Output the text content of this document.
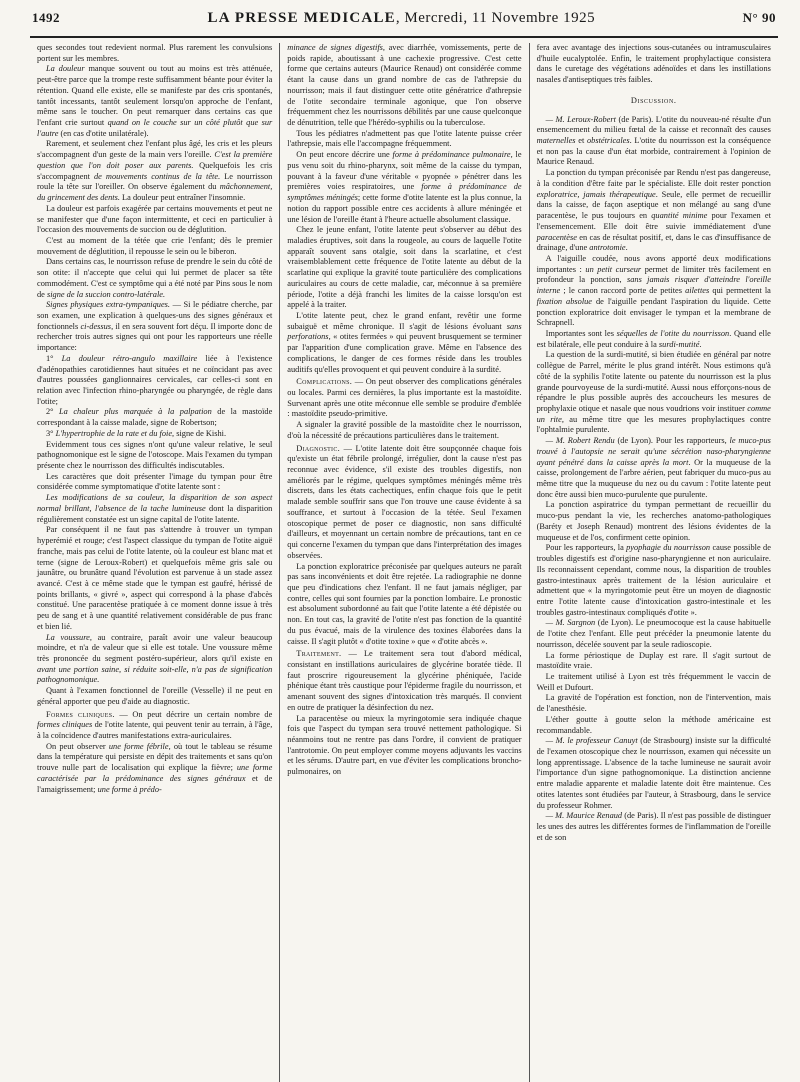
1492	LA PRESSE MEDICALE, Mercredi, 11 Novembre 1925	N° 90

ques secondes tout redevient normal. Plus rarement les convulsions portent sur les membres.

La douleur manque souvent ou tout au moins est très atténuée, peut-être parce que la trompe reste suffisamment béante pour éviter la rétention. Quand elle existe, elle se manifeste par des cris spontanés, tantôt incessants, tantôt seulement lorsqu'on approche de l'enfant, même sans le toucher. On peut remarquer dans certains cas que l'enfant crie surtout quand on le couche sur un côté plutôt que sur l'autre (en cas d'otite unilatérale).

Rarement, et seulement chez l'enfant plus âgé, les cris et les pleurs s'accompagnent d'un geste de la main vers l'oreille. C'est la première question que l'on doit poser aux parents. Quelquefois les cris s'accompagnent de mouvements continus de la tête. Le nourrisson roule la tête sur l'oreiller. On observe également du mâchonnement, du grincement des dents. La douleur peut entraîner l'insomnie.

La douleur est parfois exagérée par certains mouvements et peut ne se manifester que d'une façon intermittente, et ceci en particulier à l'occasion des mouvements de succion ou de déglutition.

C'est au moment de la tétée que crie l'enfant; dès le premier mouvement de déglutition, il repousse le sein ou le biberon.

Dans certains cas, le nourrisson refuse de prendre le sein du côté de son otite: il n'accepte que celui qui lui permet de placer sa tête commodément. C'est ce symptôme qui a été noté par Pins sous le nom de signe de la succion contro-latérale.

Signes physiques extra-tympaniques. — Si le pédiatre cherche, par son examen, une explication à quelques-uns des signes généraux et fonctionnels ci-dessus, il en sera souvent fort déçu. Il importe donc de rechercher trois autres signes qui ont pour les rapporteurs une réelle importance:

1° La douleur rétro-angulo maxillaire liée à l'existence d'adénopathies carotidiennes haut situées et ne coïncidant pas avec d'autres poussées ganglionnaires cervicales, car celles-ci sont en relation avec l'infection rhino-pharyngée ou pharyngée, de règle dans l'otite;

2° La chaleur plus marquée à la palpation de la mastoïde correspondant à la caisse malade, signe de Robertson;

3° L'hypertrophie de la rate et du foie, signe de Kishi.

Evidemment tous ces signes n'ont qu'une valeur relative, le seul pathognomonique est le signe de l'otoscope. Mais l'examen du tympan présente chez le nourrisson des difficultés indiscutables.

Les caractères que doit présenter l'image du tympan pour être considérée comme symptomatique d'otite latente sont :

Les modifications de sa couleur, la disparition de son aspect normal brillant, l'absence de la tache lumineuse dont la disparition régulièrement constatée est un signe capital de l'otite latente.

Par conséquent il ne faut pas s'attendre à trouver un tympan hyperémié et rouge; c'est l'aspect classique du tympan de l'otite aiguë franche, mais pas celui de l'otite latente, où la couleur est blanc mat et terne (signe de Leroux-Robert) et quelquefois même gris sale ou jaunâtre, ou brunâtre quand l'évolution est parvenue à un stade assez avancé. C'est à ce même stade que le tympan est gaufré, hérissé de points brillants, « givré », aspect qui correspond à la phase d'abcès constitué. Une paracentèse pratiquée à ce moment donne issue à très peu de sang et à une quantité relativement considérable de pus franc et bien lié.

La voussure, au contraire, paraît avoir une valeur beaucoup moindre, et n'a de valeur que si elle est totale. Une voussure même très prononcée du segment postéro-supérieur, alors qu'il existe en avant une portion saine, si réduite soit-elle, n'a pas de signification pathognomonique.

Quant à l'examen fonctionnel de l'oreille (Vesselle) il ne peut en général apporter que peu d'aide au diagnostic.

Formes cliniques. — On peut décrire un certain nombre de formes cliniques de l'otite latente, qui peuvent tenir au terrain, à l'âge, à la coïncidence d'autres manifestations extra-auriculaires.

On peut observer une forme fébrile, où tout le tableau se résume dans la température qui persiste en dépit des traitements et sans qu'on trouve nulle part de localisation qui explique la fièvre; une forme caractérisée par la prédominance des signes généraux et de l'amaigrissement; une forme à prédo-

minance de signes digestifs, avec diarrhée, vomissements, perte de poids rapide, aboutissant à une cachexie progressive. C'est cette forme que certains auteurs (Maurice Renaud) ont considérée comme étant la cause dans un grand nombre de cas de l'athrepsie du nourrisson; mais il faut distinguer cette otite génératrice d'athrepsie de l'otite secondaire terminale agonique, que l'on observe fréquemment chez les nourrissons débilités par une cause quelconque de dénutrition, telle que l'hérédo-syphilis ou la tuberculose.

Tous les pédiatres n'admettent pas que l'otite latente puisse créer l'athrepsie, mais elle l'accompagne fréquemment.

On peut encore décrire une forme à prédominance pulmonaire, le pus venu soit du rhino-pharynx, soit même de la caisse du tympan, pouvant à la faveur d'une véritable « pyopnée » pénétrer dans les premières voies respiratoires, une forme à prédominance de symptômes méningés; cette forme d'otite latente est la plus connue, la notion du rapport possible entre ces accidents à allure méningée et une lésion de l'oreille étant à l'heure actuelle absolument classique.

Chez le jeune enfant, l'otite latente peut s'observer au début des maladies éruptives, soit dans la rougeole, au cours de laquelle l'otite apparaît souvent sans otalgie, soit dans la scarlatine, et c'est vraisemblablement cette fréquence de l'otite latente au début de la scarlatine qui explique la gravité toute particulière des complications auriculaires au cours de cette maladie, car, méconnue à sa première période, l'otite a déjà franchi les limites de la caisse lorsqu'on est appelé à la traiter.

L'otite latente peut, chez le grand enfant, revêtir une forme subaiguë et même chronique. Il s'agit de lésions évoluant sans perforations, « otites fermées » qui peuvent brusquement se terminer par l'apparition d'une complication grave. Même en l'absence des complications, le danger de ces formes réside dans les troubles auditifs qu'elles provoquent et qui peuvent conduire à la surdité.

Complications. — On peut observer des complications générales ou locales. Parmi ces dernières, la plus importante est la mastoïdite. Survenant après une otite méconnue elle semble se produire d'emblée : mastoïdite pseudo-primitive.

A signaler la gravité possible de la mastoïdite chez le nourrisson, d'où la nécessité de précautions particulières dans le traitement.

Diagnostic. — L'otite latente doit être soupçonnée chaque fois qu'existe un état fébrile prolongé, irrégulier, dont la cause n'est pas reconnue avec évidence, s'il existe des troubles digestifs, non améliorés par le régime, quelques symptômes méningés même très discrets, dans les états cachectiques, enfin chaque fois que le petit malade semble souffrir sans que l'on trouve une cause évidente à sa souffrance, et surtout à l'occasion de la tétée. Seul l'examen otoscopique permet de poser ce diagnostic, non sans difficulté d'ailleurs, et moyennant un certain nombre de précautions, tant en ce qui concerne l'examen du tympan que dans l'interprétation des images observées.

La ponction exploratrice préconisée par quelques auteurs ne paraît pas sans inconvénients et doit être rejetée. La radiographie ne donne que peu d'indications chez l'enfant. Il ne faut jamais négliger, par contre, celles qui sont fournies par la ponction lombaire. Le pronostic est absolument subordonné au fait que l'otite latente a été dépistée ou non. En tout cas, la gravité de l'otite n'est pas fonction de la quantité du pus évacué, mais de la virulence des toxines élaborées dans la caisse. Il s'agit plutôt « d'otite toxine » que « d'otite abcès ».

Traitement. — Le traitement sera tout d'abord médical, consistant en instillations auriculaires de glycérine boratée tiède. Il faut proscrire rigoureusement la glycérine phéniquée, l'acide phénique étant très caustique pour l'épiderme fragile du nourrisson, et amenant souvent des signes d'intoxication très marqués. Il convient en outre de pratiquer la désinfection du nez.

La paracentèse ou mieux la myringotomie sera indiquée chaque fois que l'aspect du tympan sera trouvé nettement pathologique. Si néanmoins tout ne rentre pas dans l'ordre, il convient de pratiquer l'antrotomie. On peut employer comme moyens adjuvants les vaccins et les sérums. D'autre part, en vue d'éviter les complications broncho-pulmonaires, on

fera avec avantage des injections sous-cutanées ou intramusculaires d'huile eucalyptolée. Enfin, le traitement prophylactique consistera dans le curetage des végétations adénoïdes et dans les instillations nasales d'antiseptiques très faibles.

Discussion.

— M. Leroux-Robert (de Paris). L'otite du nouveau-né résulte d'un ensemencement du milieu fœtal de la caisse et reconnaît des causes maternelles et obstétricales. L'otite du nourrisson est la conséquence et non pas la cause d'un état morbide, contrairement à l'opinion de Maurice Renaud.

La ponction du tympan préconisée par Rendu n'est pas dangereuse, à la condition d'être faite par le spécialiste. Elle doit rester ponction exploratrice, jamais thérapeutique. Seule, elle permet de recueillir dans la caisse, de façon aseptique et non mélangé au sang d'une paracentèse, le pus toujours en quantité minime pour l'examen et l'ensemencement. Elle doit être suivie immédiatement d'une paracentèse en cas de résultat positif, et, dans le cas d'insuffisance de drainage, d'une antrotomie.

A l'aiguille coudée, nous avons apporté deux modifications importantes : un petit curseur permet de limiter très facilement en profondeur la ponction, sans jamais risquer d'atteindre l'oreille interne ; le canon raccord porte de petites ailettes qui permettent la fixation absolue de l'aiguille pendant l'aspiration du liquide. Cette ponction exploratrice doit envisager le tympan et la membrane de Schrapnell.

Importantes sont les séquelles de l'otite du nourrisson. Quand elle est bilatérale, elle peut conduire à la surdi-mutité.

La question de la surdi-mutité, si bien étudiée en général par notre collègue de Parrel, mérite le plus grand intérêt. Nous estimons qu'à côté de la syphilis l'otite latente ou patente du nourrisson est la plus grande pourvoyeuse de la surdi-mutité. Aussi nous efforçons-nous de répandre le plus possible auprès des accoucheurs les mesures de prophylaxie otique et nasale que nous voudrions voir instituer comme un rite, au même titre que les mesures prophylactiques contre l'ophtalmie purulente.

— M. Robert Rendu (de Lyon). Pour les rapporteurs, le muco-pus trouvé à l'autopsie ne serait qu'une sécrétion naso-pharyngienne ayant pénétré dans la caisse après la mort. Or la muqueuse de la caisse, prolongement de l'arbre aérien, peut fabriquer du muco-pus au même titre que la muqueuse du nez ou du cavum : l'otite latente peut donc être aussi bien muco-purulente que purulente.

La ponction aspiratrice du tympan permettant de recueillir du muco-pus pendant la vie, les recherches anatomo-pathologiques (Baréty et Joseph Renaud) montrent des lésions évidentes de la muqueuse et de l'os, confirment cette opinion.

Pour les rapporteurs, la pyophagie du nourrisson cause possible de troubles digestifs est d'origine naso-pharyngienne et non auriculaire. Ils reconnaissent cependant, comme nous, la disparition de troubles gastro-intestinaux après traitement de la lésion auriculaire et admettent que « la myringotomie peut être un moyen de diagnostic entre l'otite latente cause d'intoxication gastro-intestinale et les troubles gastro-intestinaux compliqués d'otite ».

— M. Sargnon (de Lyon). Le pneumocoque est la cause habituelle de l'otite chez l'enfant. Elle peut précéder la pneumonie latente du nourrisson, décelée souvent par la seule radioscopie.

La forme périostique de Duplay est rare. Il s'agit surtout de mastoïdite vraie.

Le traitement utilisé à Lyon est très fréquemment le vaccin de Weill et Dufourt.

La gravité de l'opération est fonction, non de l'intervention, mais de l'anesthésie.

L'éther goutte à goutte selon la méthode américaine est recommandable.

— M. le professeur Canuyt (de Strasbourg) insiste sur la difficulté de l'examen otoscopique chez le nourrisson, examen qui nécessite un long apprentissage. L'absence de la tache lumineuse ne saurait avoir l'importance d'un signe pathognomonique. La distinction ancienne entre maladie apparente et maladie latente doit être maintenue. Ces otites latentes sont étudiées par l'auteur, à Strasbourg, dans le service du professeur Rohmer.

— M. Maurice Renaud (de Paris). Il n'est pas possible de distinguer les unes des autres les différentes formes de l'inflammation de l'oreille et de son
